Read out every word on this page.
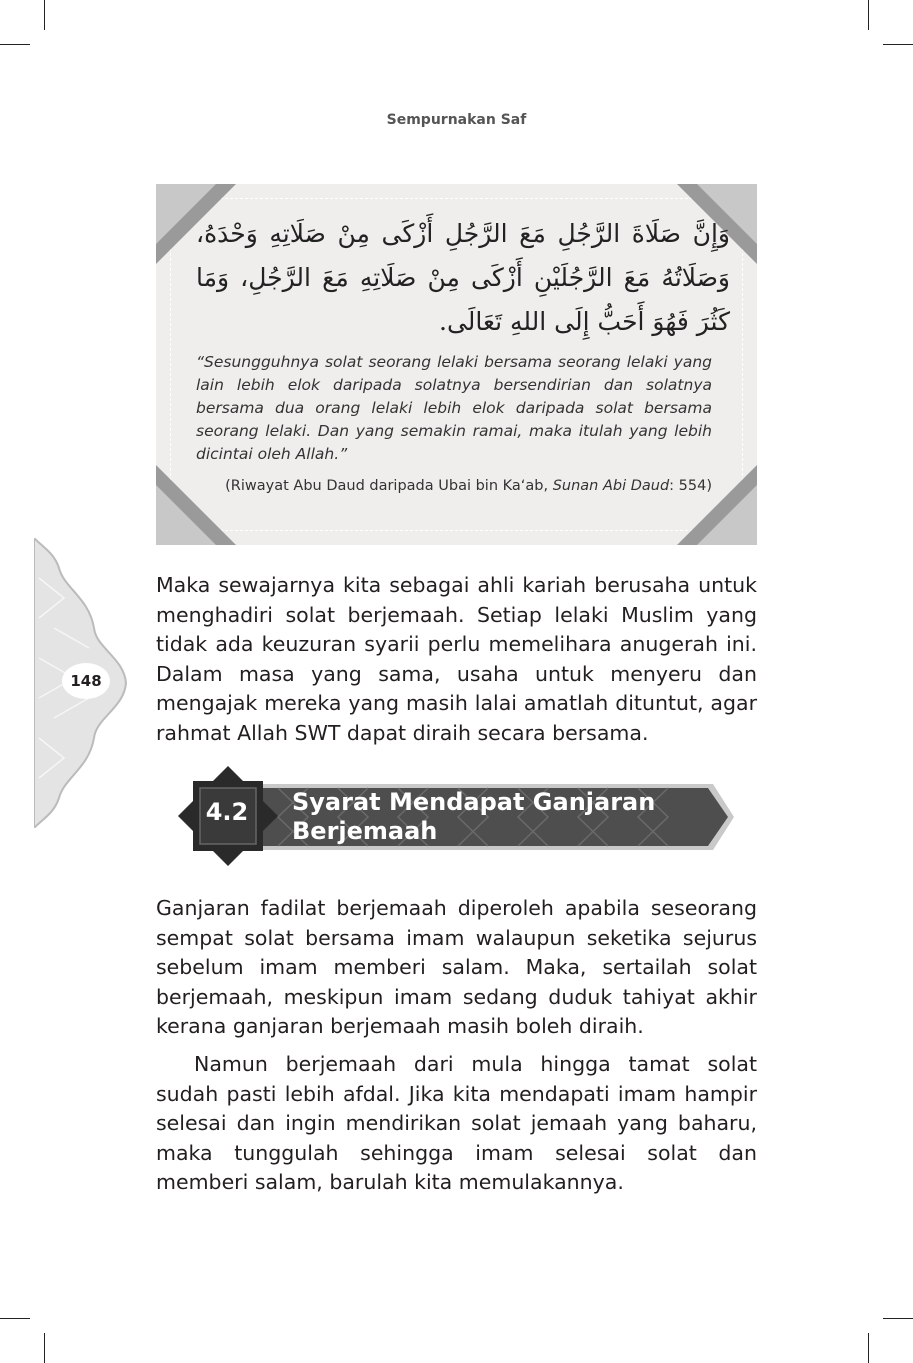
Sempurnakan Saf
148
وَإِنَّ صَلَاةَ الرَّجُلِ مَعَ الرَّجُلِ أَزْكَى مِنْ صَلَاتِهِ وَحْدَهُ، وَصَلَاتُهُ مَعَ الرَّجُلَيْنِ أَزْكَى مِنْ صَلَاتِهِ مَعَ الرَّجُلِ، وَمَا كَثُرَ فَهُوَ أَحَبُّ إِلَى اللهِ تَعَالَى.
“Sesungguhnya solat seorang lelaki bersama seorang lelaki yang lain lebih elok daripada solatnya bersendirian dan solatnya bersama dua orang lelaki lebih elok daripada solat bersama seorang lelaki. Dan yang semakin ramai, maka itulah yang lebih dicintai oleh Allah.”
(Riwayat Abu Daud daripada Ubai bin Ka‘ab, Sunan Abi Daud: 554)
Maka sewajarnya kita sebagai ahli kariah berusaha untuk menghadiri solat berjemaah. Setiap lelaki Muslim yang tidak ada keuzuran syarii perlu memelihara anugerah ini. Dalam masa yang sama, usaha untuk menyeru dan mengajak mereka yang masih lalai amatlah dituntut, agar rahmat Allah SWT dapat diraih secara bersama.
4.2	Syarat Mendapat Ganjaran
Berjemaah
Ganjaran fadilat berjemaah diperoleh apabila seseorang sempat solat bersama imam walaupun seketika sejurus sebelum imam memberi salam. Maka, sertailah solat berjemaah, meskipun imam sedang duduk tahiyat akhir kerana ganjaran berjemaah masih boleh diraih.
Namun berjemaah dari mula hingga tamat solat sudah pasti lebih afdal. Jika kita mendapati imam hampir selesai dan ingin mendirikan solat jemaah yang baharu, maka tunggulah sehingga imam selesai solat dan memberi salam, barulah kita memulakannya.
